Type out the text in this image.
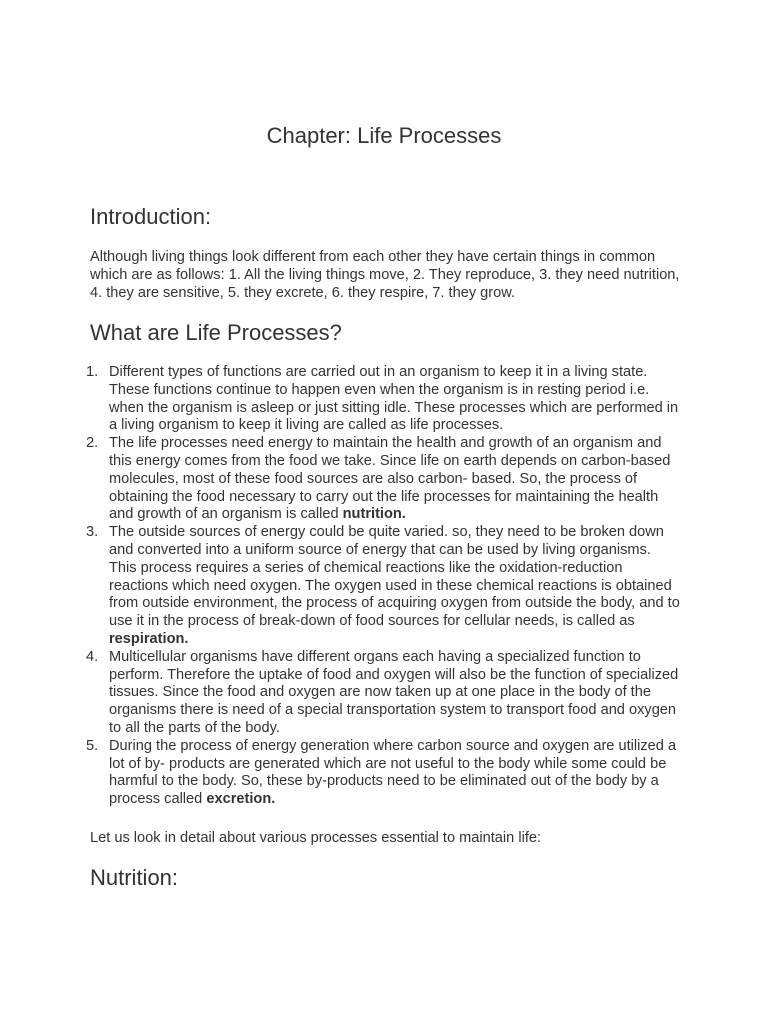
Chapter: Life Processes
Introduction:

Although living things look different from each other they have certain things in common which are as follows: 1. All the living things move, 2. They reproduce, 3. they need nutrition, 4. they are sensitive, 5. they excrete, 6. they respire, 7. they grow.

What are Life Processes?
1. Different types of functions are carried out in an organism to keep it in a living state. These functions continue to happen even when the organism is in resting period i.e. when the organism is asleep or just sitting idle. These processes which are performed in a living organism to keep it living are called as life processes.
2. The life processes need energy to maintain the health and growth of an organism and this energy comes from the food we take. Since life on earth depends on carbon-based molecules, most of these food sources are also carbon- based. So, the process of obtaining the food necessary to carry out the life processes for maintaining the health and growth of an organism is called nutrition.
3. The outside sources of energy could be quite varied. so, they need to be broken down and converted into a uniform source of energy that can be used by living organisms. This process requires a series of chemical reactions like the oxidation-reduction reactions which need oxygen. The oxygen used in these chemical reactions is obtained from outside environment, the process of acquiring oxygen from outside the body, and to use it in the process of break-down of food sources for cellular needs, is called as respiration.
4. Multicellular organisms have different organs each having a specialized function to perform. Therefore the uptake of food and oxygen will also be the function of specialized tissues. Since the food and oxygen are now taken up at one place in the body of the organisms there is need of a special transportation system to transport food and oxygen to all the parts of the body.
5. During the process of energy generation where carbon source and oxygen are utilized a lot of by- products are generated which are not useful to the body while some could be harmful to the body. So, these by-products need to be eliminated out of the body by a process called excretion.

Let us look in detail about various processes essential to maintain life:

Nutrition:
